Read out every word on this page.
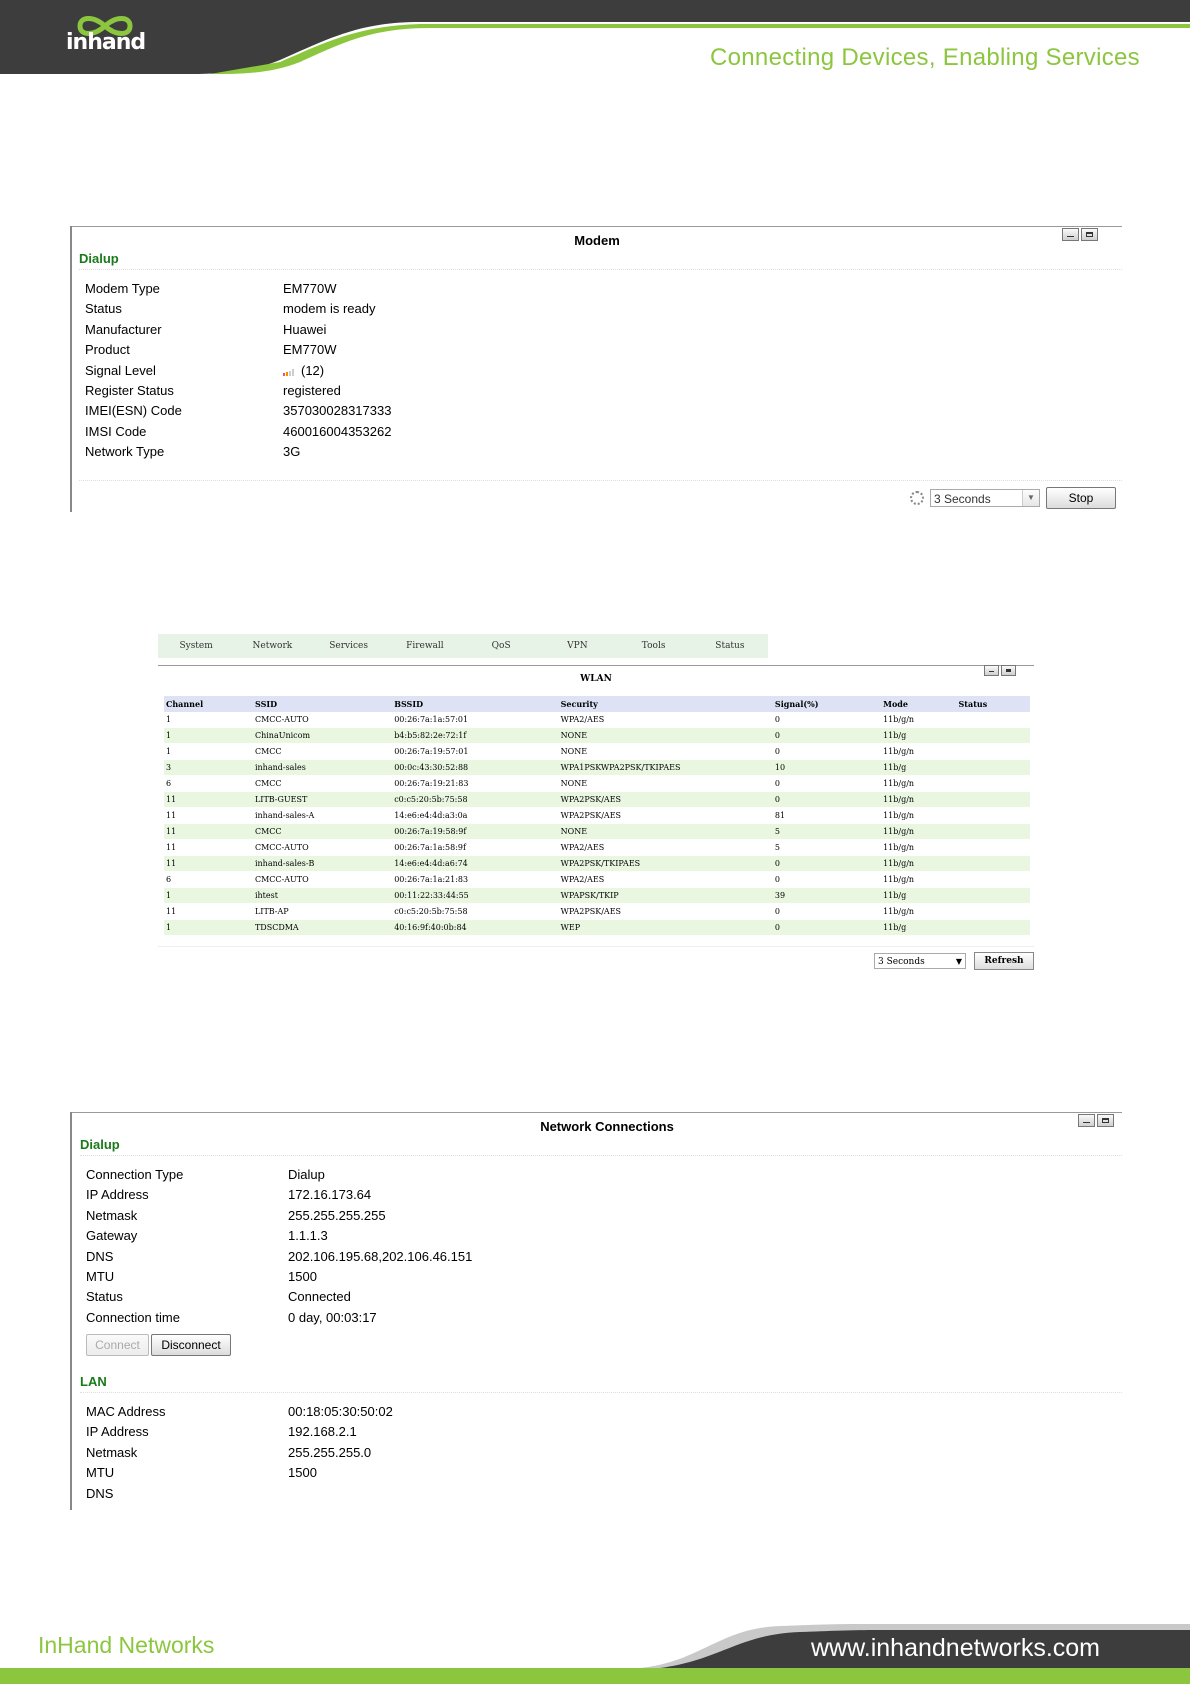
inhand
Connecting Devices, Enabling Services
Modem
Dialup
Modem Type	EM770W
Status	modem is ready
Manufacturer	Huawei
Product	EM770W
Signal Level	(12)
Register Status	registered
IMEI(ESN) Code	357030028317333
IMSI Code	460016004353262
Network Type	3G
3 Seconds	▼	Stop
System	Network	Services	Firewall	QoS	VPN	Tools	Status
WLAN
Channel	SSID	BSSID	Security	Signal(%)	Mode	Status
1	CMCC-AUTO	00:26:7a:1a:57:01	WPA2/AES	0	11b/g/n	
1	ChinaUnicom	b4:b5:82:2e:72:1f	NONE	0	11b/g	
1	CMCC	00:26:7a:19:57:01	NONE	0	11b/g/n	
3	inhand-sales	00:0c:43:30:52:88	WPA1PSKWPA2PSK/TKIPAES	10	11b/g	
6	CMCC	00:26:7a:19:21:83	NONE	0	11b/g/n	
11	LITB-GUEST	c0:c5:20:5b:75:58	WPA2PSK/AES	0	11b/g/n	
11	inhand-sales-A	14:e6:e4:4d:a3:0a	WPA2PSK/AES	81	11b/g/n	
11	CMCC	00:26:7a:19:58:9f	NONE	5	11b/g/n	
11	CMCC-AUTO	00:26:7a:1a:58:9f	WPA2/AES	5	11b/g/n	
11	inhand-sales-B	14:e6:e4:4d:a6:74	WPA2PSK/TKIPAES	0	11b/g/n	
6	CMCC-AUTO	00:26:7a:1a:21:83	WPA2/AES	0	11b/g/n	
1	ihtest	00:11:22:33:44:55	WPAPSK/TKIP	39	11b/g	
11	LITB-AP	c0:c5:20:5b:75:58	WPA2PSK/AES	0	11b/g/n	
1	TDSCDMA	40:16:9f:40:0b:84	WEP	0	11b/g	
3 Seconds	▼	Refresh
Network Connections
Dialup
Connection Type	Dialup
IP Address	172.16.173.64
Netmask	255.255.255.255
Gateway	1.1.1.3
DNS	202.106.195.68,202.106.46.151
MTU	1500
Status	Connected
Connection time	0 day, 00:03:17
Connect	Disconnect
LAN
MAC Address	00:18:05:30:50:02
IP Address	192.168.2.1
Netmask	255.255.255.0
MTU	1500
DNS
InHand Networks	www.inhandnetworks.com
